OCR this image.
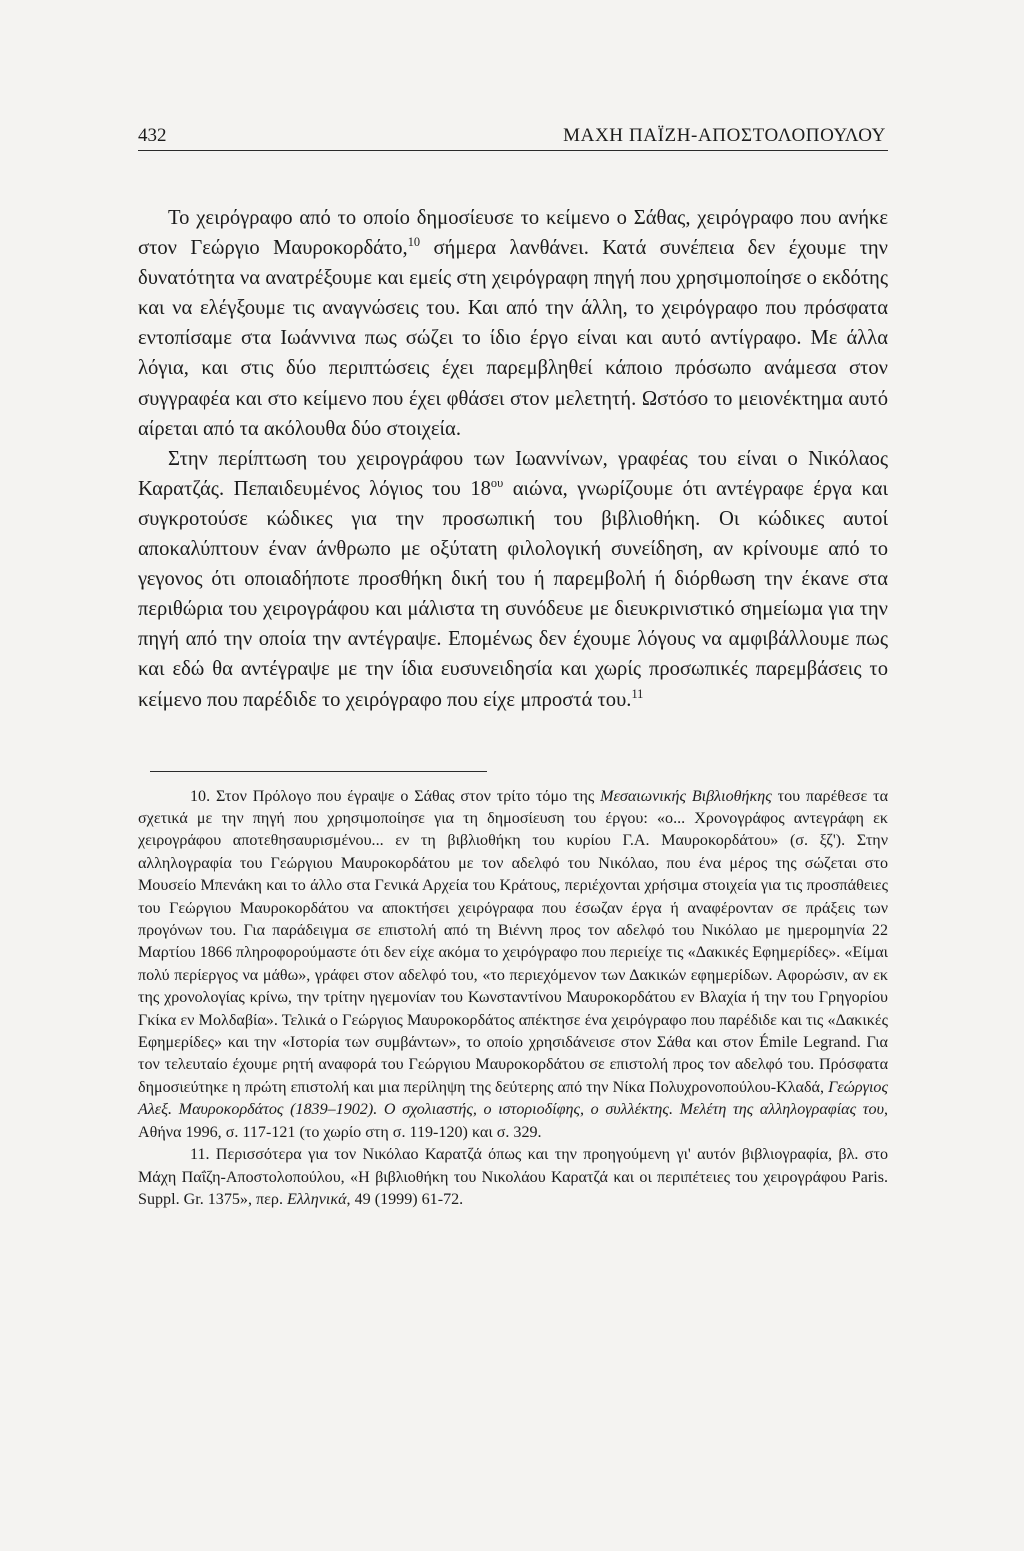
432	ΜΑΧΗ ΠΑΪΖΗ-ΑΠΟΣΤΟΛΟΠΟΥΛΟΥ

Το χειρόγραφο από το οποίο δημοσίευσε το κείμενο ο Σάθας, χειρόγραφο που ανήκε στον Γεώργιο Μαυροκορδάτο,$^{10}$ σήμερα λανθάνει. Κατά συνέπεια δεν έχουμε την δυνατότητα να ανατρέξουμε και εμείς στη χειρόγραφη πηγή που χρησιμοποίησε ο εκδότης και να ελέγξουμε τις αναγνώσεις του. Και από την άλλη, το χειρόγραφο που πρόσφατα εντοπίσαμε στα Ιωάννινα πως σώζει το ίδιο έργο είναι και αυτό αντίγραφο. Με άλλα λόγια, και στις δύο περιπτώσεις έχει παρεμβληθεί κάποιο πρόσωπο ανάμεσα στον συγγραφέα και στο κείμενο που έχει φθάσει στον μελετητή. Ωστόσο το μειονέκτημα αυτό αίρεται από τα ακόλουθα δύο στοιχεία.

Στην περίπτωση του χειρογράφου των Ιωαννίνων, γραφέας του είναι ο Νικόλαος Καρατζάς. Πεπαιδευμένος λόγιος του $18^{o\upsilon}$ αιώνα, γνωρίζουμε ότι αντέγραφε έργα και συγκροτούσε κώδικες για την προσωπική του βιβλιοθήκη. Οι κώδικες αυτοί αποκαλύπτουν έναν άνθρωπο με οξύτατη φιλολογική συνείδηση, αν κρίνουμε από το γεγονος ότι οποιαδήποτε προσθήκη δική του ή παρεμβολή ή διόρθωση την έκανε στα περιθώρια του χειρογράφου και μάλιστα τη συνόδευε με διευκρινιστικό σημείωμα για την πηγή από την οποία την αντέγραψε. Επομένως δεν έχουμε λόγους να αμφιβάλλουμε πως και εδώ θα αντέγραψε με την ίδια ευσυνειδησία και χωρίς προσωπικές παρεμβάσεις το κείμενο που παρέδιδε το χειρόγραφο που είχε μπροστά του.$^{11}$

10. Στον Πρόλογο που έγραψε ο Σάθας στον τρίτο τόμο της Μεσαιωνικής Βιβλιοθήκης του παρέθεσε τα σχετικά με την πηγή που χρησιμοποίησε για τη δημοσίευση του έργου: «ο... Χρονογράφος αντεγράφη εκ χειρογράφου αποτεθησαυρισμένου... εν τη βιβλιοθήκη του κυρίου Γ.Α. Μαυροκορδάτου» (σ. ξζ'). Στην αλληλογραφία του Γεώργιου Μαυροκορδάτου με τον αδελφό του Νικόλαο, που ένα μέρος της σώζεται στο Μουσείο Μπενάκη και το άλλο στα Γενικά Αρχεία του Κράτους, περιέχονται χρήσιμα στοιχεία για τις προσπάθειες του Γεώργιου Μαυροκορδάτου να αποκτήσει χειρόγραφα που έσωζαν έργα ή αναφέρονταν σε πράξεις των προγόνων του. Για παράδειγμα σε επιστολή από τη Βιέννη προς τον αδελφό του Νικόλαο με ημερομηνία 22 Μαρτίου 1866 πληροφορούμαστε ότι δεν είχε ακόμα το χειρόγραφο που περιείχε τις «Δακικές Εφημερίδες». «Είμαι πολύ περίεργος να μάθω», γράφει στον αδελφό του, «το περιεχόμενον των Δακικών εφημερίδων. Αφορώσιν, αν εκ της χρονολογίας κρίνω, την τρίτην ηγεμονίαν του Κωνσταντίνου Μαυροκορδάτου εν Βλαχία ή την του Γρηγορίου Γκίκα εν Μολδαβία». Τελικά ο Γεώργιος Μαυροκορδάτος απέκτησε ένα χειρόγραφο που παρέδιδε και τις «Δακικές Εφημερίδες» και την «Ιστορία των συμβάντων», το οποίο χρησιδάνεισε στον Σάθα και στον Émile Legrand. Για τον τελευταίο έχουμε ρητή αναφορά του Γεώργιου Μαυροκορδάτου σε επιστολή προς τον αδελφό του. Πρόσφατα δημοσιεύτηκε η πρώτη επιστολή και μια περίληψη της δεύτερης από την Νίκα Πολυχρονοπούλου-Κλαδά, Γεώργιος Αλεξ. Μαυροκορδάτος (1839–1902). Ο σχολιαστής, ο ιστοριοδίφης, ο συλλέκτης. Μελέτη της αλληλογραφίας του, Αθήνα 1996, σ. 117-121 (το χωρίο στη σ. 119-120) και σ. 329.

11. Περισσότερα για τον Νικόλαο Καρατζά όπως και την προηγούμενη γι' αυτόν βιβλιογραφία, βλ. στο Μάχη Παΐζη-Αποστολοπούλου, «Η βιβλιοθήκη του Νικολάου Καρατζά και οι περιπέτειες του χειρογράφου Paris. Suppl. Gr. 1375», περ. Ελληνικά, 49 (1999) 61-72.
